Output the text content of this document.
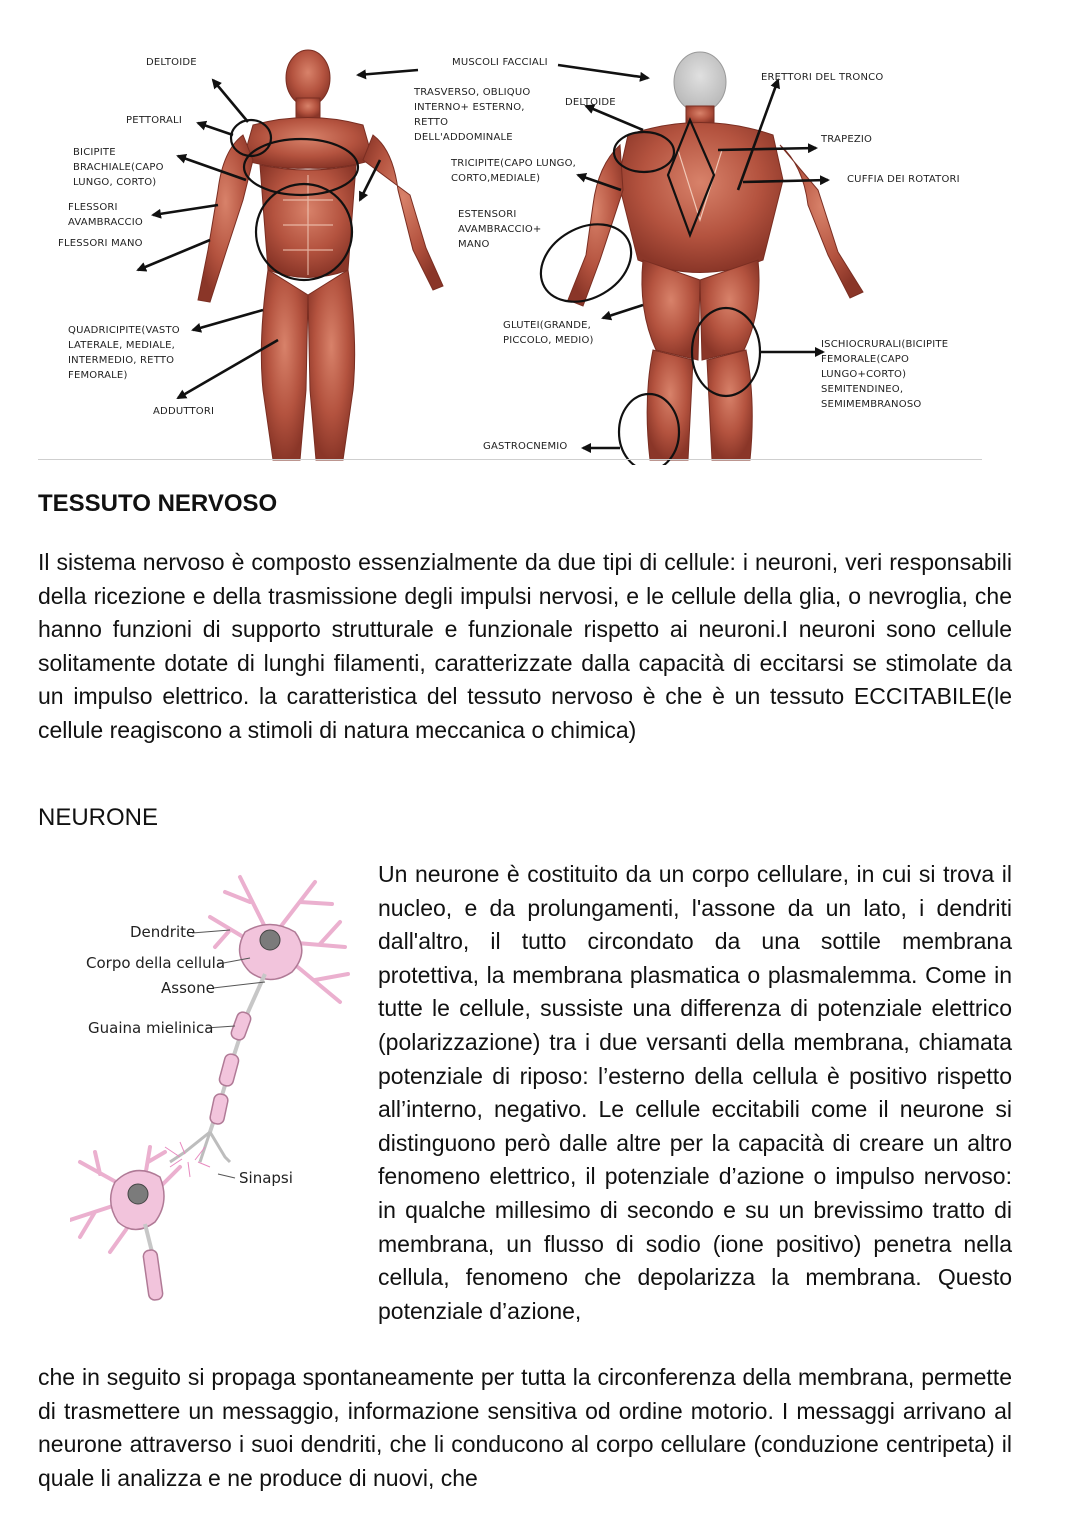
DELTOIDE
PETTORALI
BICIPITE
BRACHIALE(CAPO
LUNGO, CORTO)
FLESSORI
AVAMBRACCIO
FLESSORI MANO
QUADRICIPITE(VASTO
LATERALE, MEDIALE,
INTERMEDIO, RETTO
FEMORALE)
ADDUTTORI
MUSCOLI FACCIALI
TRASVERSO, OBLIQUO
INTERNO+ ESTERNO,
RETTO
DELL'ADDOMINALE
DELTOIDE
TRICIPITE(CAPO LUNGO,
CORTO,MEDIALE)
ESTENSORI
AVAMBRACCIO+
MANO
GLUTEI(GRANDE,
PICCOLO, MEDIO)
GASTROCNEMIO
ERETTORI DEL TRONCO
TRAPEZIO
CUFFIA DEI ROTATORI
ISCHIOCRURALI(BICIPITE
FEMORALE(CAPO
LUNGO+CORTO)
SEMITENDINEO,
SEMIMEMBRANOSO
TESSUTO NERVOSO

Il sistema nervoso è composto essenzialmente da due tipi di cellule: i neuroni, veri responsabili della ricezione e della trasmissione degli impulsi nervosi, e le cellule della glia, o nevroglia, che hanno funzioni di supporto strutturale e funzionale rispetto ai neuroni.I neuroni sono cellule solitamente dotate di lunghi filamenti, caratterizzate dalla capacità di eccitarsi se stimolate da un impulso elettrico. la caratteristica del tessuto nervoso è che è un tessuto ECCITABILE(le cellule reagiscono a stimoli di natura meccanica o chimica)

NEURONE
Dendrite
Corpo della cellula
Assone
Guaina mielinica
Sinapsi

Un neurone è costituito da un corpo cellulare, in cui si trova il nucleo, e da prolungamenti, l'assone da un lato, i dendriti dall'altro, il tutto circondato da una sottile membrana protettiva, la membrana plasmatica o plasmalemma. Come in tutte le cellule, sussiste una differenza di potenziale elettrico (polarizzazione) tra i due versanti della membrana, chiamata potenziale di riposo: l’esterno della cellula è positivo rispetto all’interno, negativo. Le cellule eccitabili come il neurone si distinguono però dalle altre per la capacità di creare un altro fenomeno elettrico, il potenziale d’azione o impulso nervoso: in qualche millesimo di secondo e su un brevissimo tratto di membrana, un flusso di sodio (ione positivo) penetra nella cellula, fenomeno che depolarizza la membrana. Questo potenziale d’azione,

che in seguito si propaga spontaneamente per tutta la circonferenza della membrana, permette di trasmettere un messaggio, informazione sensitiva od ordine motorio. I messaggi arrivano al neurone attraverso i suoi dendriti, che li conducono al corpo cellulare (conduzione centripeta) il quale li analizza e ne produce di nuovi, che
